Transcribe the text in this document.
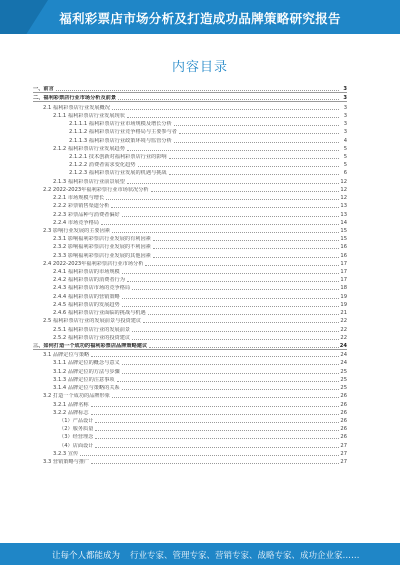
福利彩票店市场分析及打造成功品牌策略研究报告
内容目录
一、前言	3
二、福利彩票店行业市场分析及前景	3
2.1 福利彩票店行业发展概况	3
2.1.1 福利彩票店行业发展现状	3
2.1.1.1 福利彩票店行业市场规模及增长分析	3
2.1.1.2 福利彩票店行业竞争格局与主要参与者	3
2.1.1.3 福利彩票店行业政策环境与监管分析	4
2.1.2 福利彩票店行业发展趋势	5
2.1.2.1 技术创新对福利彩票店行业的影响	5
2.1.2.2 消费者需求变化趋势	5
2.1.2.3 福利彩票店行业发展的机遇与挑战	6
2.1.3 福利彩票店行业前景展望	12
2.2 2022-2023年福利彩票行业市场状况分析	12
2.2.1 市场规模与增长	12
2.2.2 彩票销售渠道分析	13
2.2.3 彩票品种与消费者偏好	13
2.2.4 市场竞争格局	14
2.3 影响行业发展的主要因素	15
2.3.1 影响福利彩票店行业发展的有利因素	15
2.3.2 影响福利彩票店行业发展的不利因素	16
2.3.3 影响福利彩票店行业发展的其他因素	16
2.4 2022-2023年福利彩票店行业市场分析	17
2.4.1 福利彩票店的市场规模	17
2.4.2 福利彩票店的消费者行为	17
2.4.3 福利彩票店市场的竞争格局	18
2.4.4 福利彩票店的营销策略	19
2.4.5 福利彩票店的发展趋势	19
2.4.6 福利彩票店行业面临的挑战与机遇	21
2.5 福利彩票店行业的发展前景与投资建议	22
2.5.1 福利彩票店行业的发展前景	22
2.5.2 福利彩票店行业的投资建议	22
三、如何打造一个成功的福利彩票店品牌策略建议	24
3.1 品牌定位与策略	24
3.1.1 品牌定位的概念与意义	24
3.1.2 品牌定位的方法与步骤	25
3.1.3 品牌定位的注意事项	25
3.1.4 品牌定位与策略的关系	25
3.2 打造一个成功的品牌形象	26
3.2.1 品牌名称	26
3.2.2 品牌标志	26
（1）产品设计	26
（2）服务质量	26
（3）经营理念	26
（4）店面设计	27
3.2.3 宣传	27
3.3 营销策略与推广	27
让每个人都能成为 行业专家、管理专家、营销专家、战略专家、成功企业家……
